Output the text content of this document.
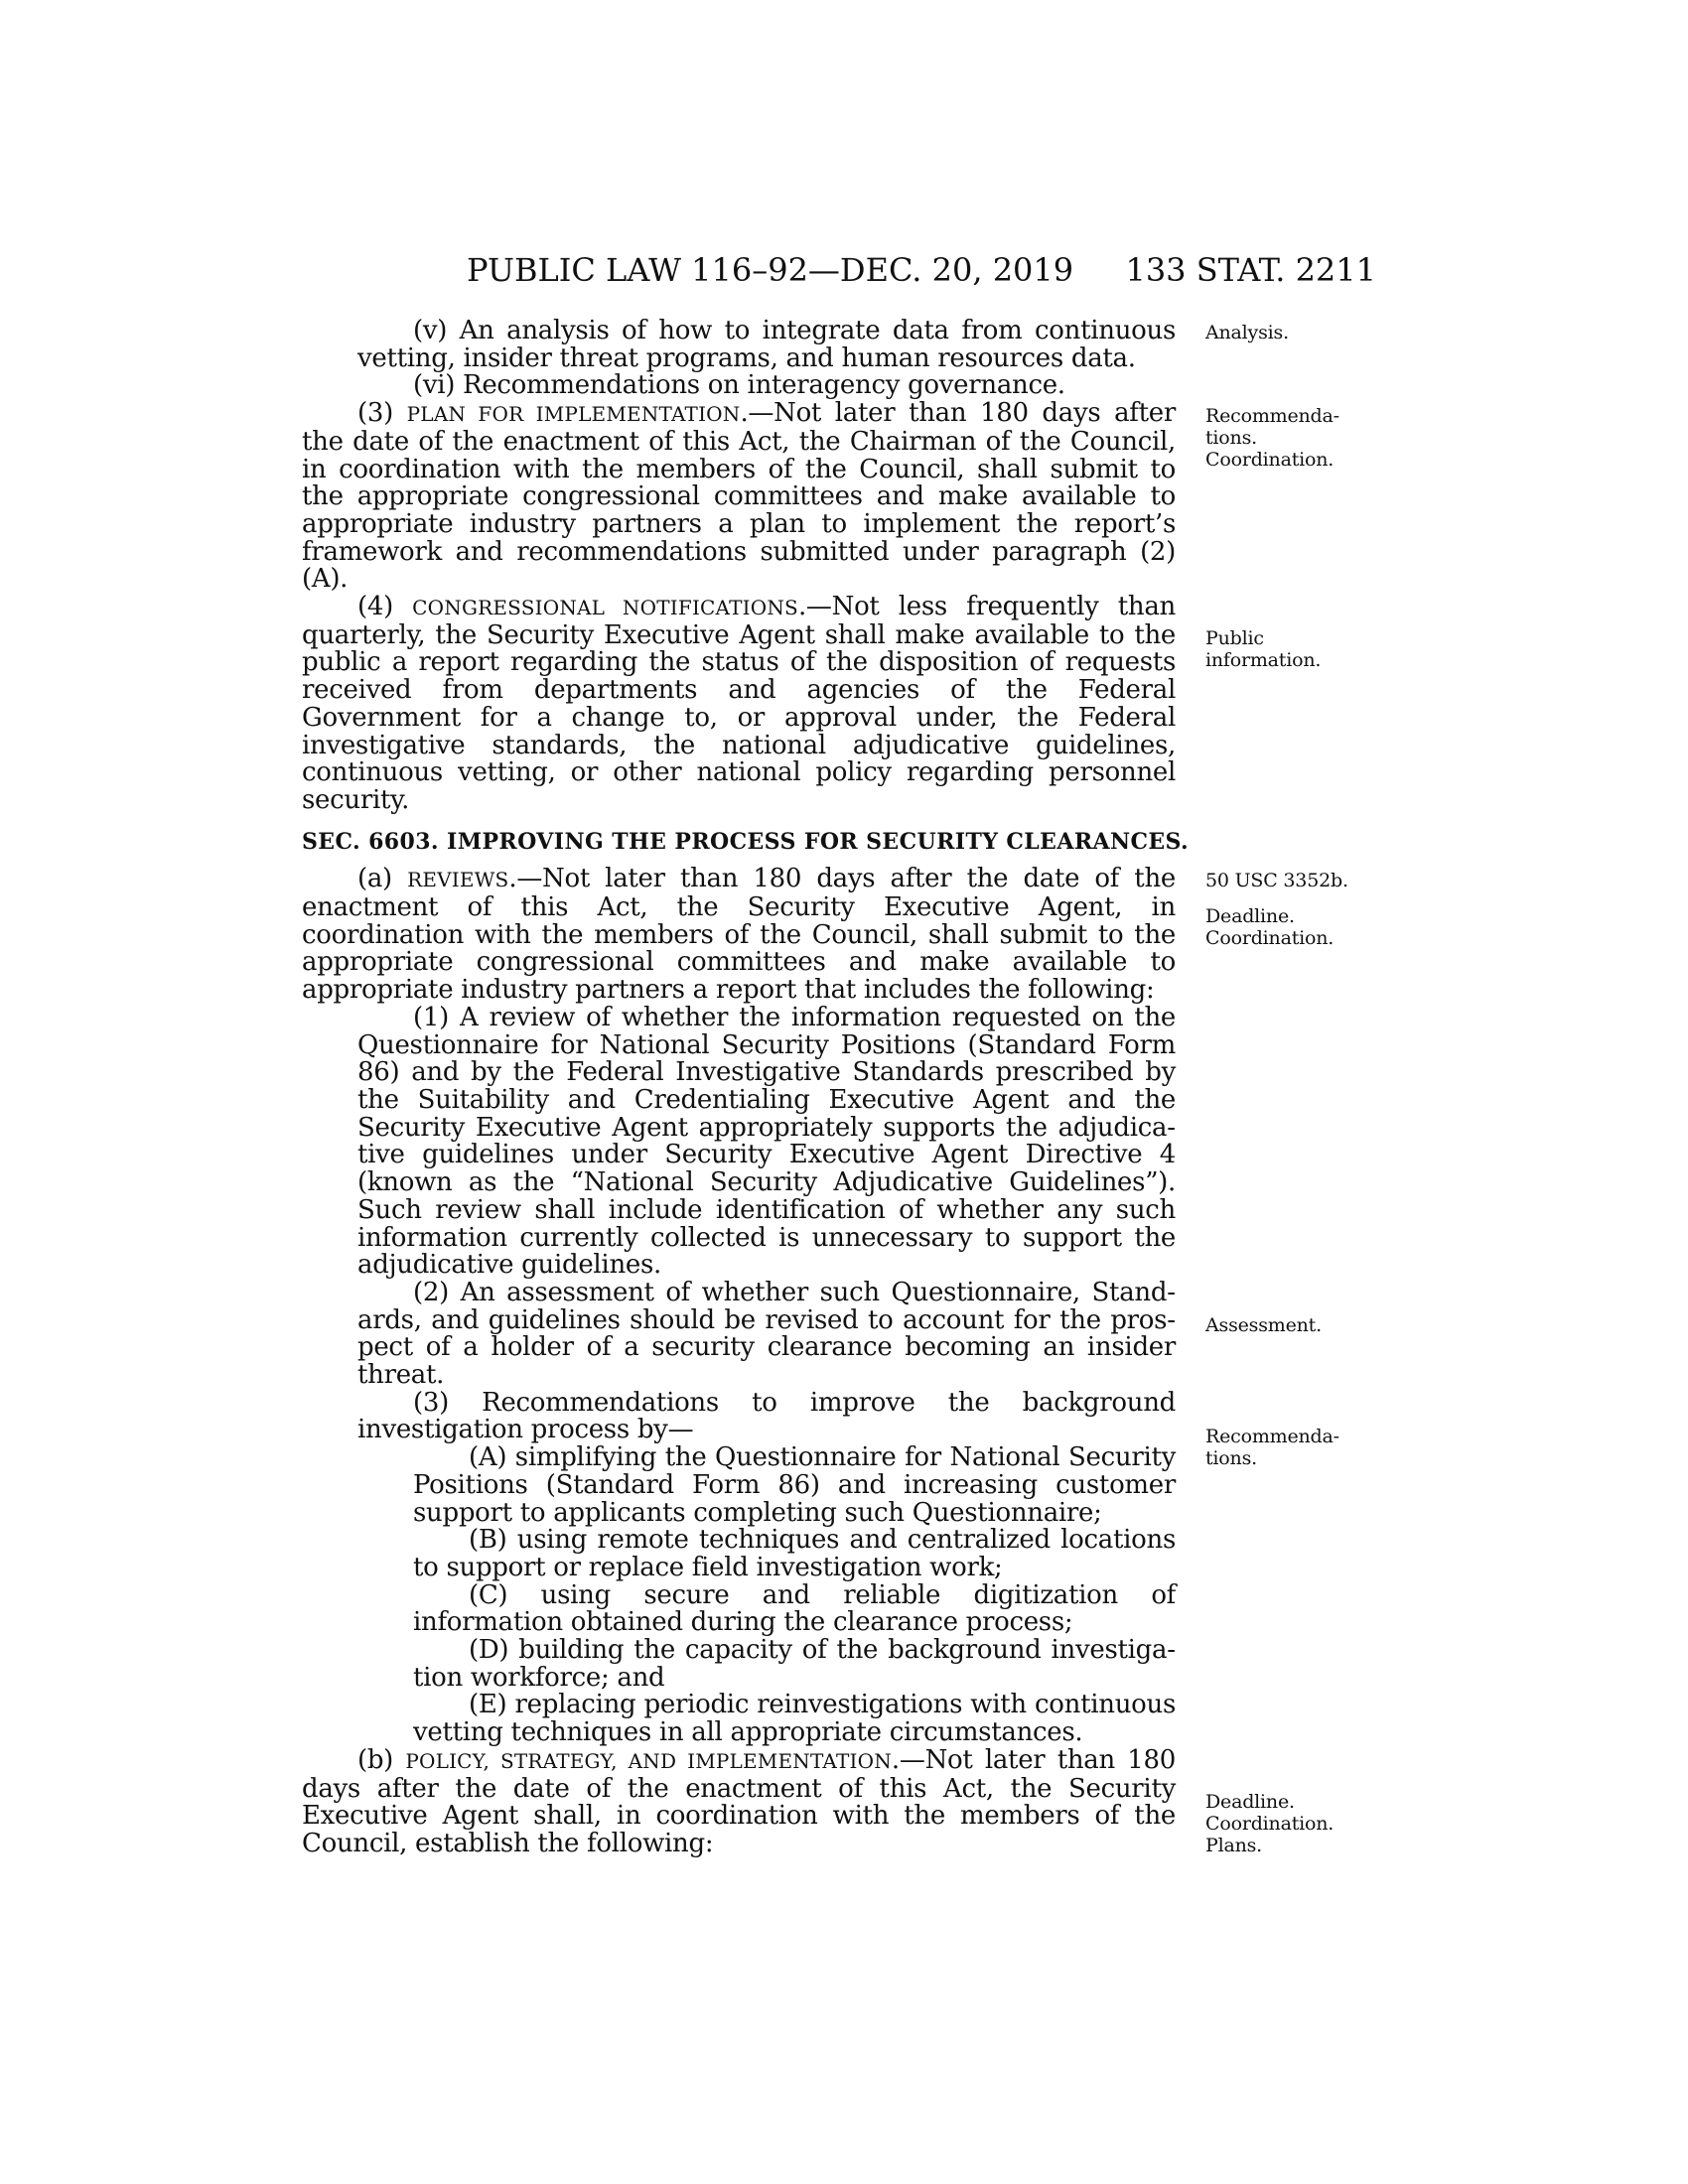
PUBLIC LAW 116–92—DEC. 20, 2019 133 STAT. 2211

(v) An analysis of how to integrate data from continuous vetting, insider threat programs, and human resources data.

(vi) Recommendations on interagency governance.

(3) PLAN FOR IMPLEMENTATION.—Not later than 180 days after the date of the enactment of this Act, the Chairman of the Council, in coordination with the members of the Council, shall submit to the appropriate congressional committees and make available to appropriate industry partners a plan to implement the report’s framework and recommendations submitted under paragraph (2)(A).

(4) CONGRESSIONAL NOTIFICATIONS.—Not less frequently than quarterly, the Security Executive Agent shall make available to the public a report regarding the status of the disposition of requests received from departments and agencies of the Federal Government for a change to, or approval under, the Federal investigative standards, the national adjudicative guidelines, continuous vetting, or other national policy regarding personnel security.

SEC. 6603. IMPROVING THE PROCESS FOR SECURITY CLEARANCES.

(a) REVIEWS.—Not later than 180 days after the date of the enactment of this Act, the Security Executive Agent, in coordination with the members of the Council, shall submit to the appropriate congressional committees and make available to appropriate industry partners a report that includes the following:

(1) A review of whether the information requested on the Questionnaire for National Security Positions (Standard Form 86) and by the Federal Investigative Standards prescribed by the Suitability and Credentialing Executive Agent and the Security Executive Agent appropriately supports the adjudicative guidelines under Security Executive Agent Directive 4 (known as the “National Security Adjudicative Guidelines”). Such review shall include identification of whether any such information currently collected is unnecessary to support the adjudicative guidelines.

(2) An assessment of whether such Questionnaire, Standards, and guidelines should be revised to account for the prospect of a holder of a security clearance becoming an insider threat.

(3) Recommendations to improve the background investigation process by—

(A) simplifying the Questionnaire for National Security Positions (Standard Form 86) and increasing customer support to applicants completing such Questionnaire;

(B) using remote techniques and centralized locations to support or replace field investigation work;

(C) using secure and reliable digitization of information obtained during the clearance process;

(D) building the capacity of the background investigation workforce; and

(E) replacing periodic reinvestigations with continuous vetting techniques in all appropriate circumstances.

(b) POLICY, STRATEGY, AND IMPLEMENTATION.—Not later than 180 days after the date of the enactment of this Act, the Security Executive Agent shall, in coordination with the members of the Council, establish the following:

Analysis.
Recommenda-
tions.
Coordination.
Public
information.
50 USC 3352b.
Deadline.
Coordination.
Assessment.
Recommenda-
tions.
Deadline.
Coordination.
Plans.
